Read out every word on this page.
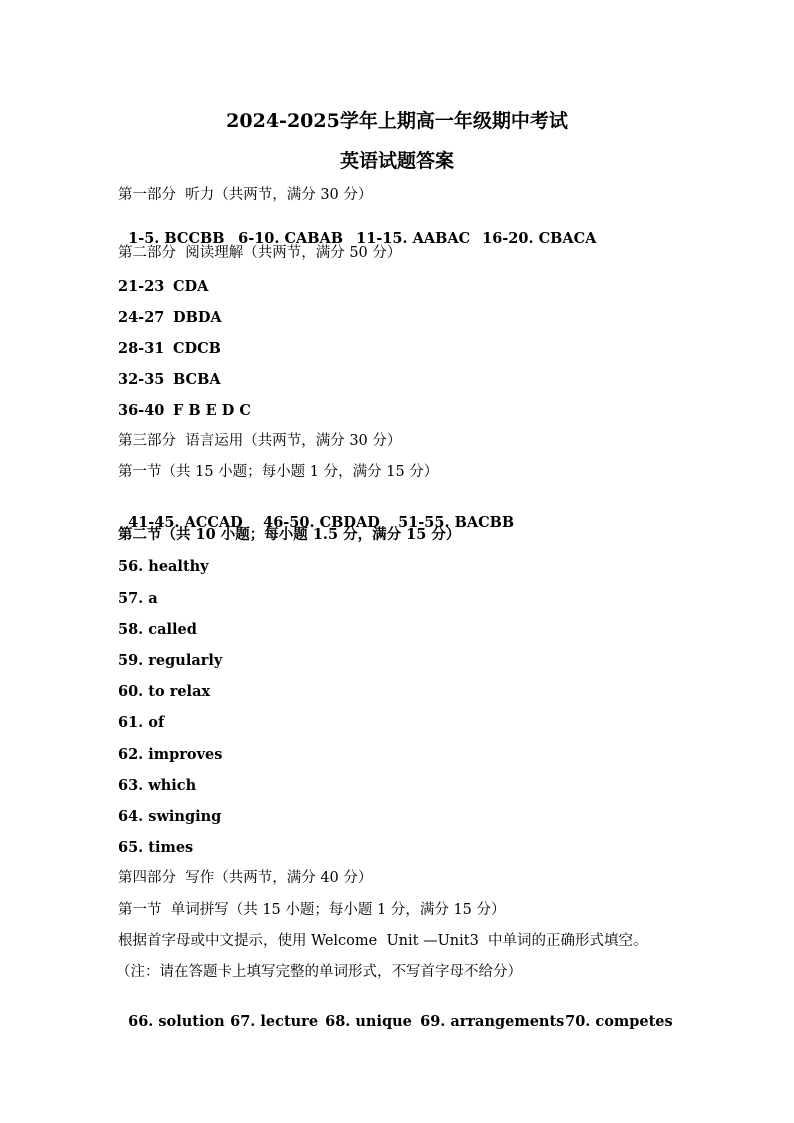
2024-2025学年上期高一年级期中考试
英语试题答案
第一部分  听力（共两节，满分 30 分）

1-5. BCCBB 6-10. CABAB 11-15. AABAC 16-20. CBACA

第二部分  阅读理解（共两节，满分 50 分）
21-23 CDA
24-27 DBDA
28-31 CDCB
32-35 BCBA
36-40 F B E D C
第三部分  语言运用（共两节，满分 30 分）
第一节（共 15 小题；每小题 1 分，满分 15 分）

41-45. ACCAD 46-50. CBDAD 51-55. BACBB

第二节（共 10 小题；每小题 1.5 分，满分 15 分）
56. healthy
57. a
58. called
59. regularly
60. to relax
61. of
62. improves
63. which
64. swinging
65. times
第四部分  写作（共两节，满分 40 分）
第一节  单词拼写（共 15 小题；每小题 1 分，满分 15 分）
根据首字母或中文提示，使用 Welcome  Unit —Unit3  中单词的正确形式填空。
（注：请在答题卡上填写完整的单词形式，不写首字母不给分）

66. solution 67. lecture 68. unique 69. arrangements70. competes
